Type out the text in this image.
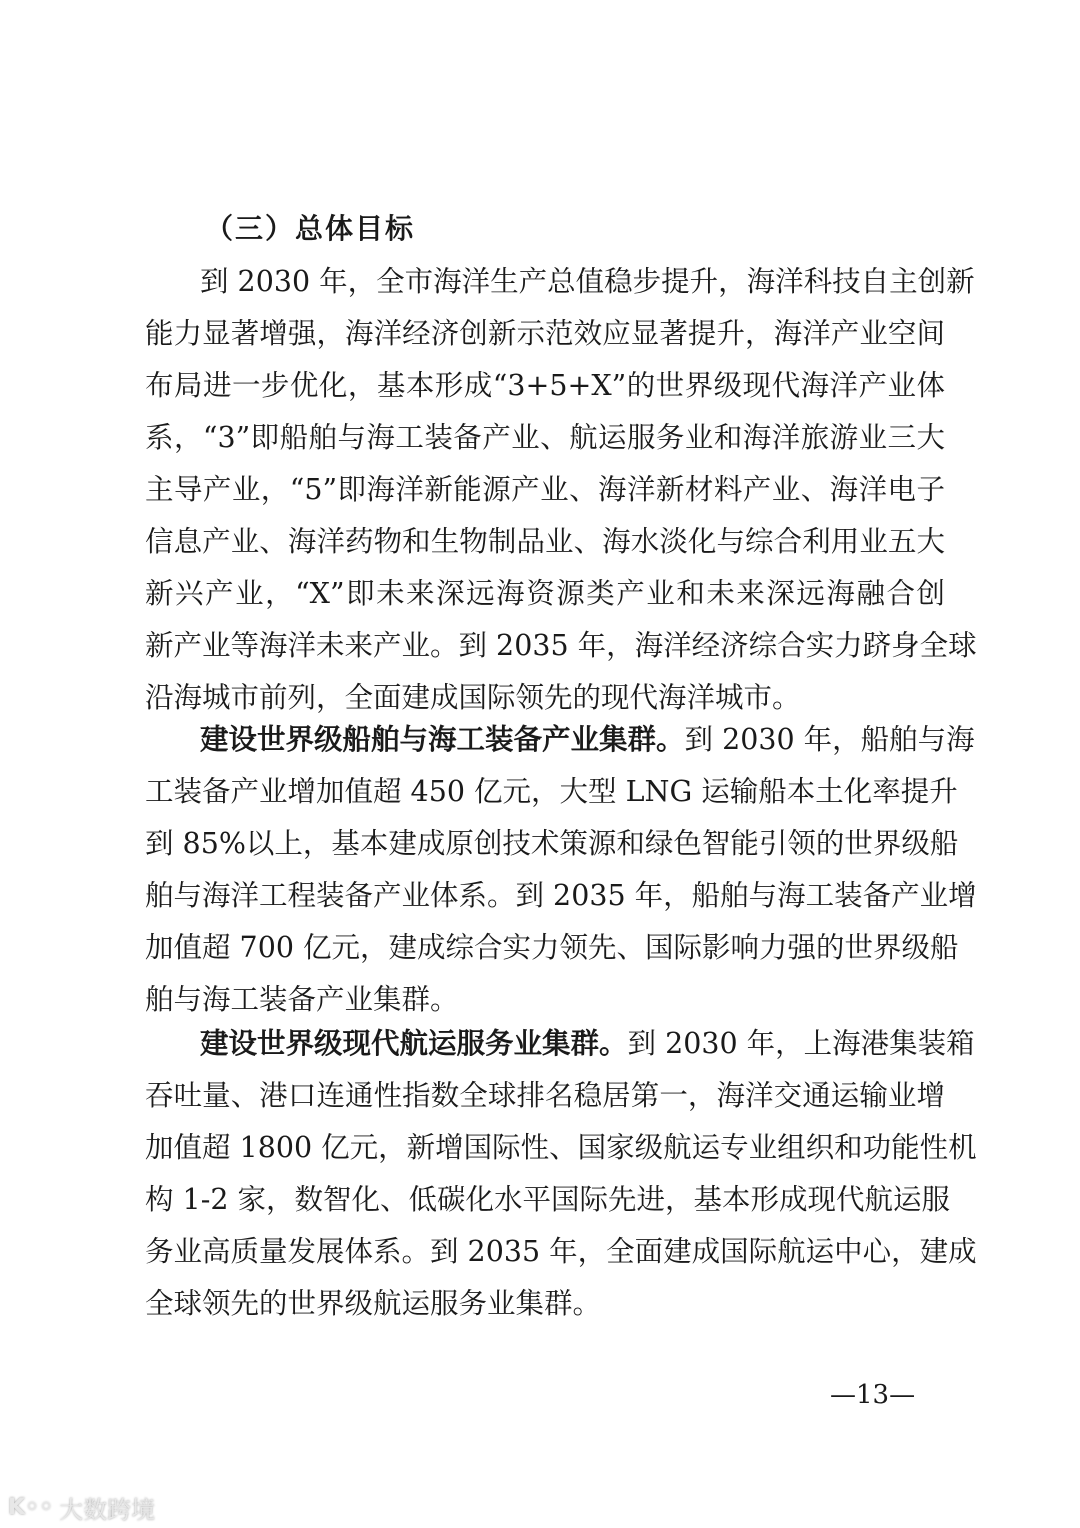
（三）总体目标
到 2030 年，全市海洋生产总值稳步提升，海洋科技自主创新
能力显著增强，海洋经济创新示范效应显著提升，海洋产业空间
布局进一步优化，基本形成“3+5+X”的世界级现代海洋产业体
系，“3”即船舶与海工装备产业、航运服务业和海洋旅游业三大
主导产业，“5”即海洋新能源产业、海洋新材料产业、海洋电子
信息产业、海洋药物和生物制品业、海水淡化与综合利用业五大
新兴产业，“X”即未来深远海资源类产业和未来深远海融合创
新产业等海洋未来产业。到 2035 年，海洋经济综合实力跻身全球
沿海城市前列，全面建成国际领先的现代海洋城市。
建设世界级船舶与海工装备产业集群。到 2030 年，船舶与海
工装备产业增加值超 450 亿元，大型 LNG 运输船本土化率提升
到 85%以上，基本建成原创技术策源和绿色智能引领的世界级船
舶与海洋工程装备产业体系。到 2035 年，船舶与海工装备产业增
加值超 700 亿元，建成综合实力领先、国际影响力强的世界级船
舶与海工装备产业集群。
建设世界级现代航运服务业集群。到 2030 年，上海港集装箱
吞吐量、港口连通性指数全球排名稳居第一，海洋交通运输业增
加值超 1800 亿元，新增国际性、国家级航运专业组织和功能性机
构 1-2 家，数智化、低碳化水平国际先进，基本形成现代航运服
务业高质量发展体系。到 2035 年，全面建成国际航运中心，建成
全球领先的世界级航运服务业集群。
—13—
K◦◦ 大数跨境
